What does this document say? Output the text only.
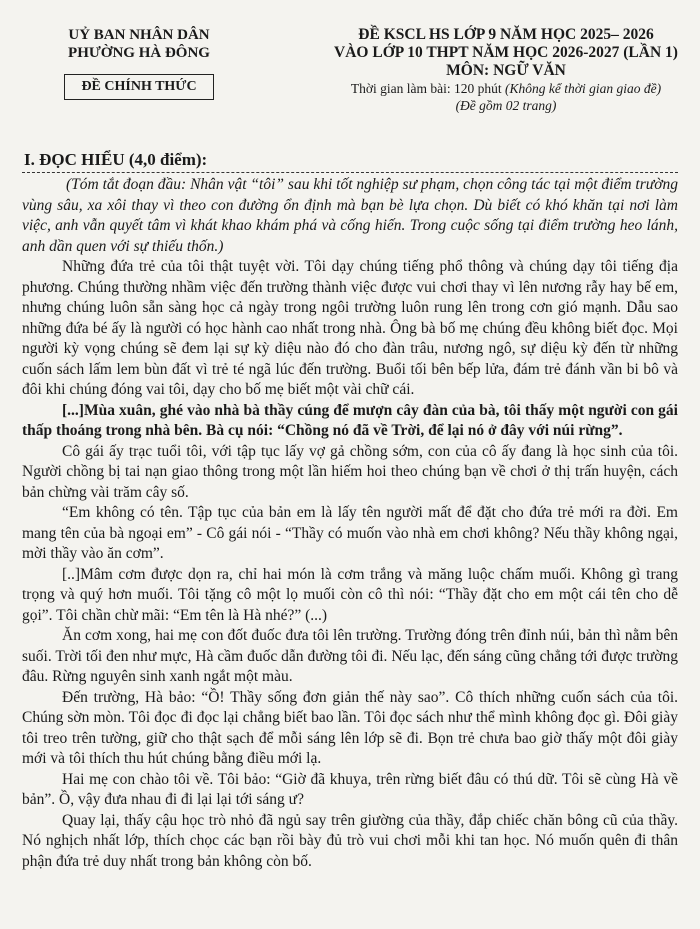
UỶ BAN NHÂN DÂN
PHƯỜNG HÀ ĐÔNG
ĐỀ CHÍNH THỨC
ĐỀ KSCL HS LỚP 9 NĂM HỌC 2025– 2026
VÀO LỚP 10 THPT NĂM HỌC 2026-2027 (LẦN 1)
MÔN: NGỮ VĂN
Thời gian làm bài: 120 phút (Không kể thời gian giao đề)
(Đề gồm 02 trang)
I. ĐỌC HIỂU (4,0 điểm):

(Tóm tắt đoạn đầu: Nhân vật “tôi” sau khi tốt nghiệp sư phạm, chọn công tác tại một điểm trường vùng sâu, xa xôi thay vì theo con đường ổn định mà bạn bè lựa chọn. Dù biết có khó khăn tại nơi làm việc, anh vẫn quyết tâm vì khát khao khám phá và cống hiến. Trong cuộc sống tại điểm trường heo lánh, anh dần quen với sự thiếu thốn.)

Những đứa trẻ của tôi thật tuyệt vời. Tôi dạy chúng tiếng phổ thông và chúng dạy tôi tiếng địa phương. Chúng thường nhầm việc đến trường thành việc được vui chơi thay vì lên nương rẫy hay bế em, nhưng chúng luôn sẵn sàng học cả ngày trong ngôi trường luôn rung lên trong cơn gió mạnh. Dẫu sao những đứa bé ấy là người có học hành cao nhất trong nhà. Ông bà bố mẹ chúng đều không biết đọc. Mọi người kỳ vọng chúng sẽ đem lại sự kỳ diệu nào đó cho đàn trâu, nương ngô, sự diệu kỳ đến từ những cuốn sách lấm lem bùn đất vì trẻ té ngã lúc đến trường. Buổi tối bên bếp lửa, đám trẻ đánh vần bi bô và đôi khi chúng đóng vai tôi, dạy cho bố mẹ biết một vài chữ cái.

[...]Mùa xuân, ghé vào nhà bà thầy cúng để mượn cây đàn của bà, tôi thấy một người con gái thấp thoáng trong nhà bên. Bà cụ nói: “Chồng nó đã về Trời, để lại nó ở đây với núi rừng”.

Cô gái ấy trạc tuổi tôi, với tập tục lấy vợ gả chồng sớm, con của cô ấy đang là học sinh của tôi. Người chồng bị tai nạn giao thông trong một lần hiếm hoi theo chúng bạn về chơi ở thị trấn huyện, cách bản chừng vài trăm cây số.

“Em không có tên. Tập tục của bản em là lấy tên người mất để đặt cho đứa trẻ mới ra đời. Em mang tên của bà ngoại em” - Cô gái nói - “Thầy có muốn vào nhà em chơi không? Nếu thầy không ngại, mời thầy vào ăn cơm”.

[..]Mâm cơm được dọn ra, chỉ hai món là cơm trắng và măng luộc chấm muối. Không gì trang trọng và quý hơn muối. Tôi tặng cô một lọ muối còn cô thì nói: “Thầy đặt cho em một cái tên cho dễ gọi”. Tôi chần chừ mãi: “Em tên là Hà nhé?” (...)

Ăn cơm xong, hai mẹ con đốt đuốc đưa tôi lên trường. Trường đóng trên đỉnh núi, bản thì nằm bên suối. Trời tối đen như mực, Hà cầm đuốc dẫn đường tôi đi. Nếu lạc, đến sáng cũng chẳng tới được trường đâu. Rừng nguyên sinh xanh ngắt một màu.

Đến trường, Hà bảo: “Ồ! Thầy sống đơn giản thế này sao”. Cô thích những cuốn sách của tôi. Chúng sờn mòn. Tôi đọc đi đọc lại chẳng biết bao lần. Tôi đọc sách như thể mình không đọc gì. Đôi giày tôi treo trên tường, giữ cho thật sạch để mỗi sáng lên lớp sẽ đi. Bọn trẻ chưa bao giờ thấy một đôi giày mới và tôi thích thu hút chúng bằng điều mới lạ.

Hai mẹ con chào tôi về. Tôi bảo: “Giờ đã khuya, trên rừng biết đâu có thú dữ. Tôi sẽ cùng Hà về bản”. Ồ, vậy đưa nhau đi đi lại lại tới sáng ư?

Quay lại, thấy cậu học trò nhỏ đã ngủ say trên giường của thầy, đắp chiếc chăn bông cũ của thầy. Nó nghịch nhất lớp, thích chọc các bạn rồi bày đủ trò vui chơi mỗi khi tan học. Nó muốn quên đi thân phận đứa trẻ duy nhất trong bản không còn bố.
